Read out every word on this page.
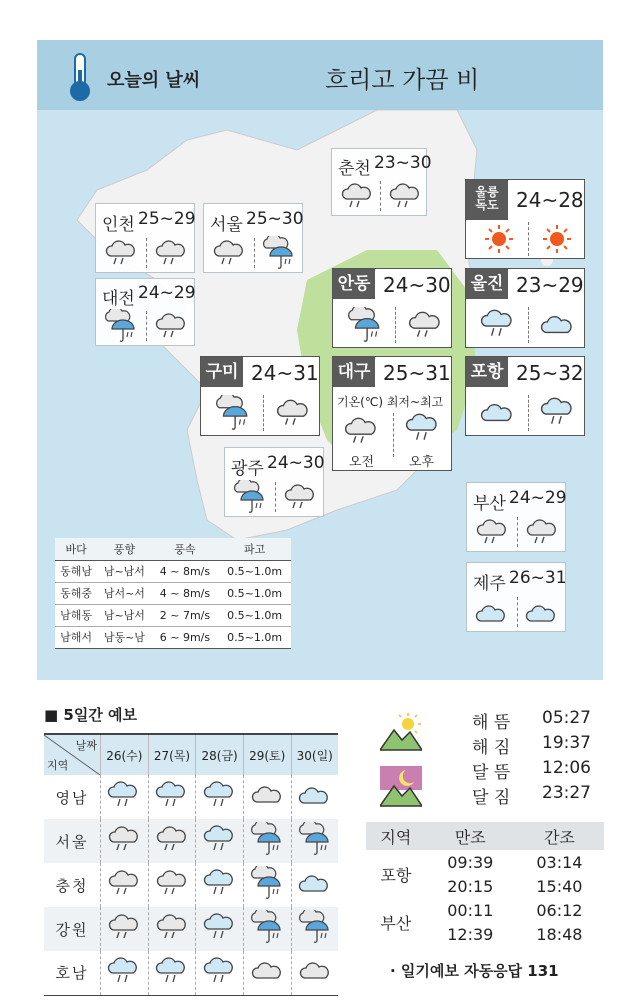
오늘의 날씨	흐리고 가끔 비
춘천 23~30
울릉
독도 24~28
인천 25~29 서울 25~30
대전 24~29	안동 24~30 울진 23~29
구미 24~31 대구 25~31
기온(℃) 최저~최고
오전	오후
포항 25~32
광주 24~30
부산 24~29
제주 26~31
바다	풍향	풍속	파고
동해남	남~남서	4 ~ 8m/s	0.5~1.0m
동해중	남서~서	4 ~ 8m/s	0.5~1.0m
남해동	남~남서	2 ~ 7m/s	0.5~1.0m
남해서	남동~남	6 ~ 9m/s	0.5~1.0m
■ 5일간 예보
날짜
지역	26(수)	27(목)	28(금)	29(토)	30(일)
영남					
서울					
충청					
강원					
호남					
해 뜸 05:27
해 짐 19:37
달 뜸 12:06
달 짐 23:27
지역	만조	간조
포항	09:39	03:14
	20:15	15:40
부산	00:11	06:12
	12:39	18:48
· 일기예보 자동응답 131
